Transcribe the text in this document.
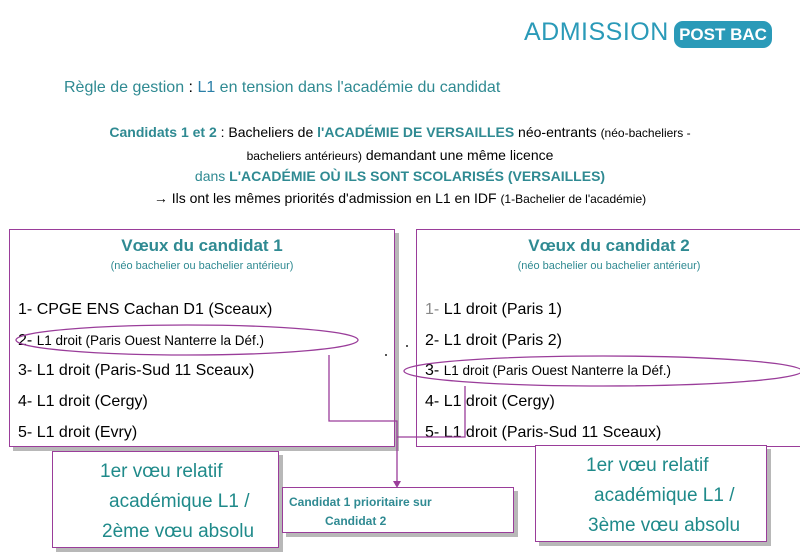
ADMISSION POST BAC
Règle de gestion : L1 en tension dans l'académie du candidat
Candidats 1 et 2 : Bacheliers de l'ACADÉMIE DE VERSAILLES néo-entrants (néo-bacheliers -
bacheliers antérieurs) demandant une même licence
dans L'ACADÉMIE OÙ ILS SONT SCOLARISÉS (VERSAILLES)
→ Ils ont les mêmes priorités d'admission en L1 en IDF (1-Bachelier de l'académie)
Vœux du candidat 1
(néo bachelier ou bachelier antérieur)
1- CPGE ENS Cachan D1 (Sceaux)
2- L1 droit (Paris Ouest Nanterre la Déf.)
3- L1 droit (Paris-Sud 11 Sceaux)
4- L1 droit (Cergy)
5- L1 droit (Evry)
Vœux du candidat 2
(néo bachelier ou bachelier antérieur)
1- L1 droit (Paris 1)
2- L1 droit (Paris 2)
3- L1 droit (Paris Ouest Nanterre la Déf.)
4- L1 droit (Cergy)
5- L1 droit (Paris-Sud 11 Sceaux)
1er vœu relatif
académique L1 /
2ème vœu absolu
Candidat 1 prioritaire sur
Candidat 2
1er vœu relatif
académique L1 /
3ème vœu absolu
